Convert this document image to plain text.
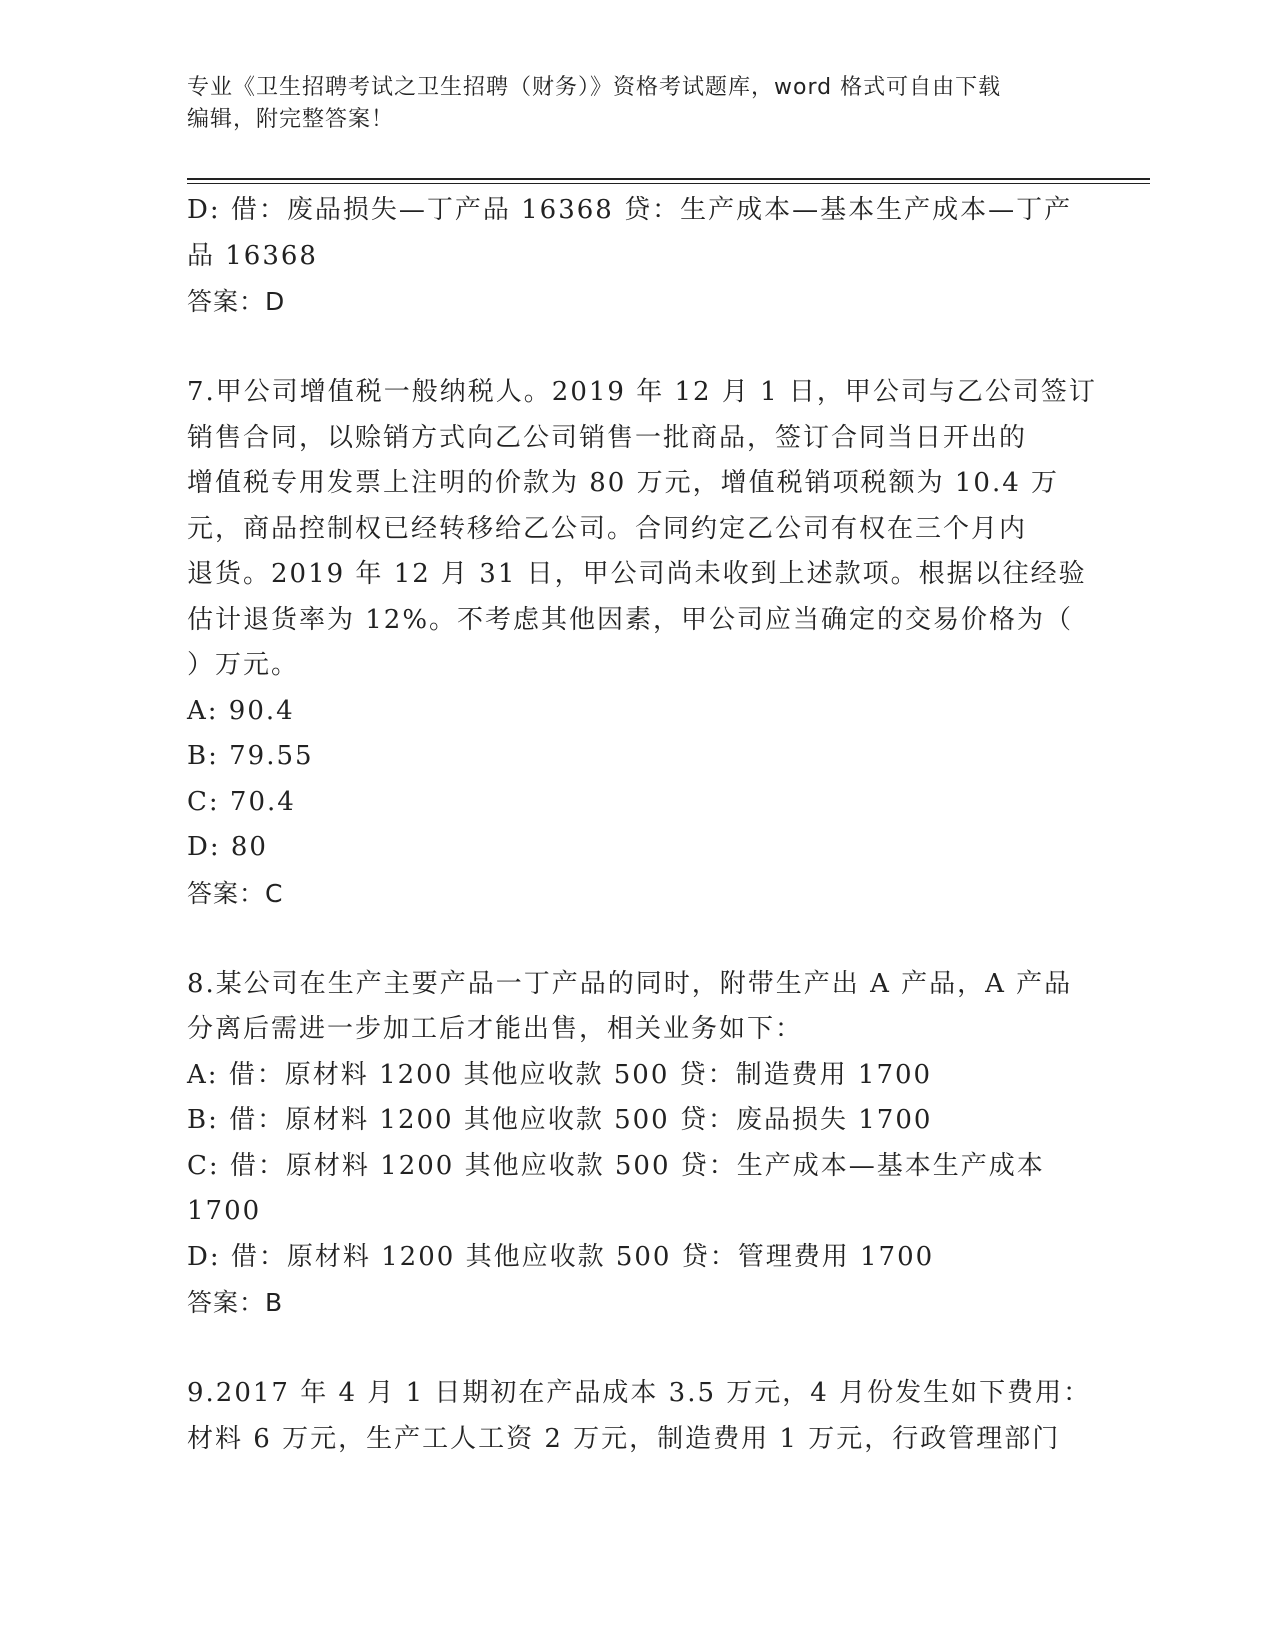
专业《卫生招聘考试之卫生招聘（财务）》资格考试题库，word 格式可自由下载
编辑，附完整答案！
D: 借：废品损失—丁产品 16368 贷：生产成本—基本生产成本—丁产
品 16368
答案：D
7.甲公司增值税一般纳税人。2019 年 12 月 1 日，甲公司与乙公司签订
销售合同，以赊销方式向乙公司销售一批商品，签订合同当日开出的
增值税专用发票上注明的价款为 80 万元，增值税销项税额为 10.4 万
元，商品控制权已经转移给乙公司。合同约定乙公司有权在三个月内
退货。2019 年 12 月 31 日，甲公司尚未收到上述款项。根据以往经验
估计退货率为 12%。不考虑其他因素，甲公司应当确定的交易价格为（
）万元。
A: 90.4
B: 79.55
C: 70.4
D: 80
答案：C
8.某公司在生产主要产品一丁产品的同时，附带生产出 A 产品，A 产品
分离后需进一步加工后才能出售，相关业务如下：
A: 借：原材料 1200 其他应收款 500 贷：制造费用 1700
B: 借：原材料 1200 其他应收款 500 贷：废品损失 1700
C: 借：原材料 1200 其他应收款 500 贷：生产成本—基本生产成本
1700
D: 借：原材料 1200 其他应收款 500 贷：管理费用 1700
答案：B
9.2017 年 4 月 1 日期初在产品成本 3.5 万元，4 月份发生如下费用：
材料 6 万元，生产工人工资 2 万元，制造费用 1 万元，行政管理部门
